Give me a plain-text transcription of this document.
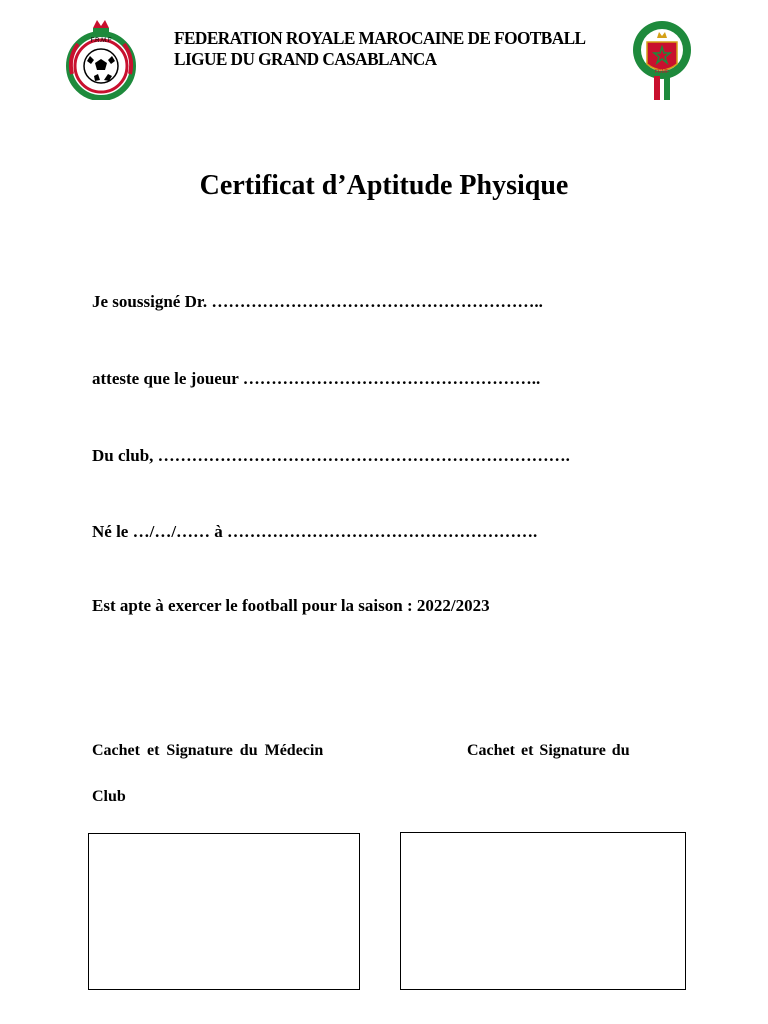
F.R.M.F	FEDERATION ROYALE MAROCAINE DE FOOTBALL
LIGUE DU GRAND CASABLANCA
FRMF
Certificat d’Aptitude Physique
Je soussigné Dr. …………………………………………………..
atteste que le joueur ……………………………………………..
Du club, ……………………………………………………………….
Né le …/…/…… à ……………………………………………….
Est apte à exercer le football pour la saison : 2022/2023
Cachet et Signature du Médecin	Cachet et Signature du
Club
